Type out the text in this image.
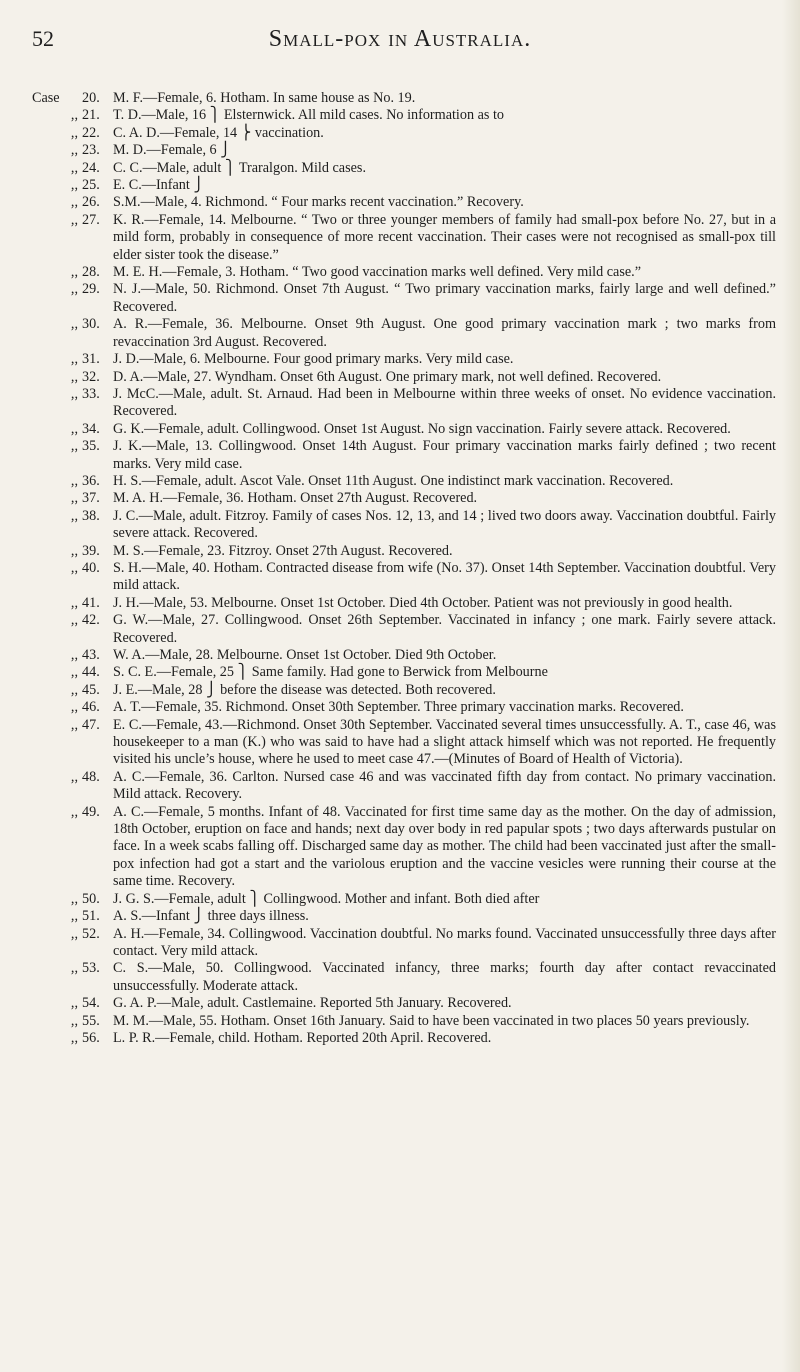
52	Small-pox in Australia.
Case	20. M. F.—Female, 6. Hotham. In same house as No. 19.
,, 21. T. D.—Male, 16 ⎫ Elsternwick. All mild cases. No information as to
,, 22. C. A. D.—Female, 14 ⎬ vaccination.
,, 23. M. D.—Female, 6 ⎭
,, 24. C. C.—Male, adult ⎫ Traralgon. Mild cases.
,, 25. E. C.—Infant ⎭
,, 26. S.M.—Male, 4. Richmond. “ Four marks recent vaccination.” Recovery.
,, 27. K. R.—Female, 14. Melbourne. “ Two or three younger members of family had small-pox before No. 27, but in a mild form, probably in consequence of more recent vaccination. Their cases were not recognised as small-pox till elder sister took the disease.”
,, 28. M. E. H.—Female, 3. Hotham. “ Two good vaccination marks well defined. Very mild case.”
,, 29. N. J.—Male, 50. Richmond. Onset 7th August. “ Two primary vaccination marks, fairly large and well defined.” Recovered.
,, 30. A. R.—Female, 36. Melbourne. Onset 9th August. One good primary vaccination mark ; two marks from revaccination 3rd August. Recovered.
,, 31. J. D.—Male, 6. Melbourne. Four good primary marks. Very mild case.
,, 32. D. A.—Male, 27. Wyndham. Onset 6th August. One primary mark, not well defined. Recovered.
,, 33. J. McC.—Male, adult. St. Arnaud. Had been in Melbourne within three weeks of onset. No evidence vaccination. Recovered.
,, 34. G. K.—Female, adult. Collingwood. Onset 1st August. No sign vaccination. Fairly severe attack. Recovered.
,, 35. J. K.—Male, 13. Collingwood. Onset 14th August. Four primary vaccination marks fairly defined ; two recent marks. Very mild case.
,, 36. H. S.—Female, adult. Ascot Vale. Onset 11th August. One indistinct mark vaccination. Recovered.
,, 37. M. A. H.—Female, 36. Hotham. Onset 27th August. Recovered.
,, 38. J. C.—Male, adult. Fitzroy. Family of cases Nos. 12, 13, and 14 ; lived two doors away. Vaccination doubtful. Fairly severe attack. Recovered.
,, 39. M. S.—Female, 23. Fitzroy. Onset 27th August. Recovered.
,, 40. S. H.—Male, 40. Hotham. Contracted disease from wife (No. 37). Onset 14th September. Vaccination doubtful. Very mild attack.
,, 41. J. H.—Male, 53. Melbourne. Onset 1st October. Died 4th October. Patient was not previously in good health.
,, 42. G. W.—Male, 27. Collingwood. Onset 26th September. Vaccinated in infancy ; one mark. Fairly severe attack. Recovered.
,, 43. W. A.—Male, 28. Melbourne. Onset 1st October. Died 9th October.
,, 44. S. C. E.—Female, 25 ⎫ Same family. Had gone to Berwick from Melbourne
,, 45. J. E.—Male, 28 ⎭ before the disease was detected. Both recovered.
,, 46. A. T.—Female, 35. Richmond. Onset 30th September. Three primary vaccination marks. Recovered.
,, 47. E. C.—Female, 43.—Richmond. Onset 30th September. Vaccinated several times unsuccessfully. A. T., case 46, was housekeeper to a man (K.) who was said to have had a slight attack himself which was not reported. He frequently visited his uncle’s house, where he used to meet case 47.—(Minutes of Board of Health of Victoria).
,, 48. A. C.—Female, 36. Carlton. Nursed case 46 and was vaccinated fifth day from contact. No primary vaccination. Mild attack. Recovery.
,, 49. A. C.—Female, 5 months. Infant of 48. Vaccinated for first time same day as the mother. On the day of admission, 18th October, eruption on face and hands; next day over body in red papular spots ; two days afterwards pustular on face. In a week scabs falling off. Discharged same day as mother. The child had been vaccinated just after the small-pox infection had got a start and the variolous eruption and the vaccine vesicles were running their course at the same time. Recovery.
,, 50. J. G. S.—Female, adult ⎫ Collingwood. Mother and infant. Both died after
,, 51. A. S.—Infant ⎭ three days illness.
,, 52. A. H.—Female, 34. Collingwood. Vaccination doubtful. No marks found. Vaccinated unsuccessfully three days after contact. Very mild attack.
,, 53. C. S.—Male, 50. Collingwood. Vaccinated infancy, three marks; fourth day after contact revaccinated unsuccessfully. Moderate attack.
,, 54. G. A. P.—Male, adult. Castlemaine. Reported 5th January. Recovered.
,, 55. M. M.—Male, 55. Hotham. Onset 16th January. Said to have been vaccinated in two places 50 years previously.
,, 56. L. P. R.—Female, child. Hotham. Reported 20th April. Recovered.
